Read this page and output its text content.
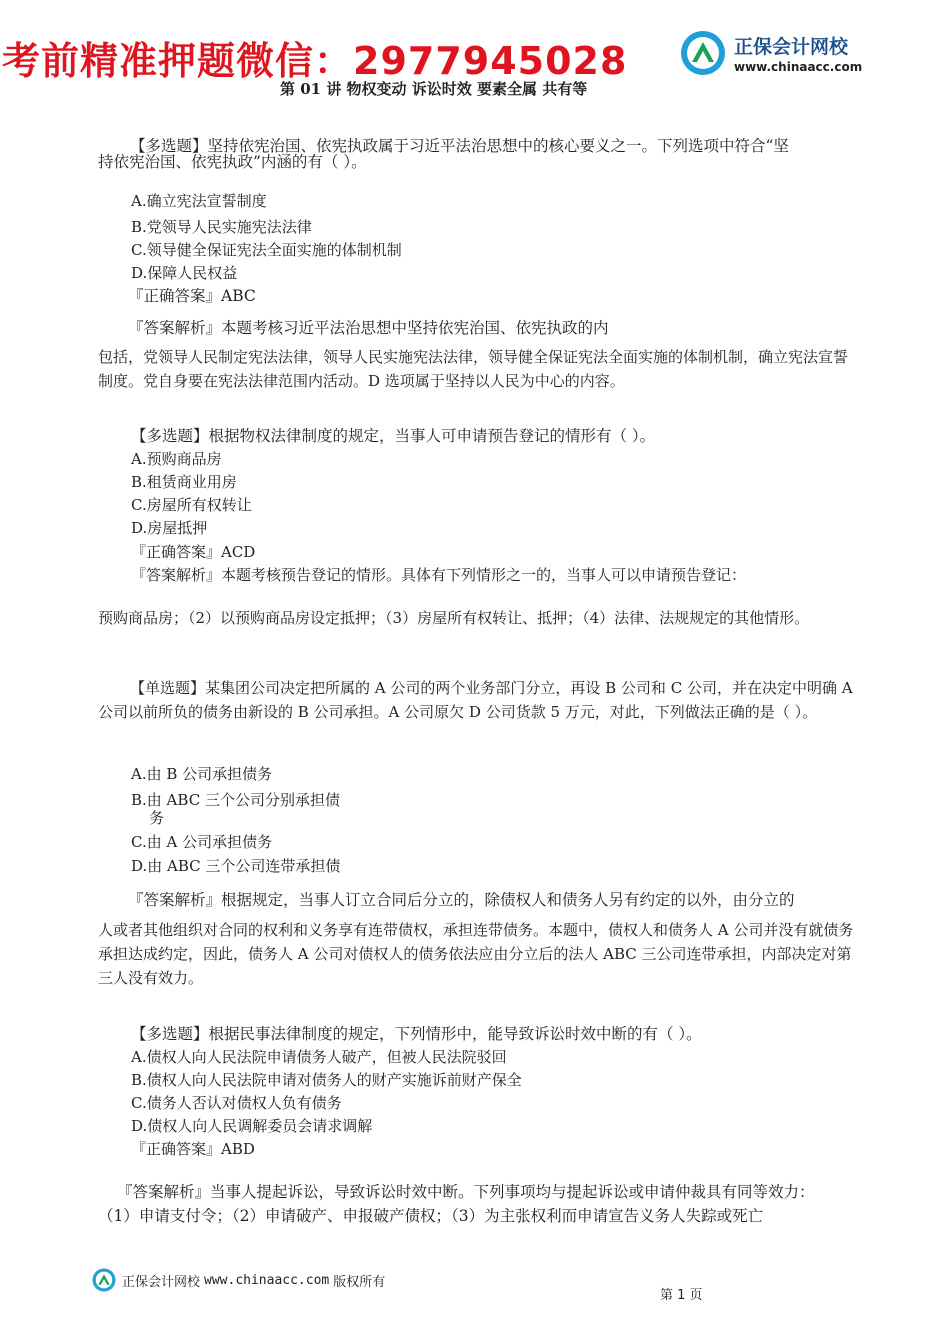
考前精准押题微信：2977945028	正保会计网校
www.chinaacc.com
第 01 讲 物权变动 诉讼时效 要素全属 共有等
【多选题】坚持依宪治国、依宪执政属于习近平法治思想中的核心要义之一。下列选项中符合“坚
持依宪治国、依宪执政”内涵的有（ ）。
A.确立宪法宣誓制度
B.党领导人民实施宪法法律
C.领导健全保证宪法全面实施的体制机制
D.保障人民权益
『正确答案』ABC
『答案解析』本题考核习近平法治思想中坚持依宪治国、依宪执政的内
包括，党领导人民制定宪法法律，领导人民实施宪法法律，领导健全保证宪法全面实施的体制机制，确立宪法宣誓制度。党自身要在宪法法律范围内活动。D 选项属于坚持以人民为中心的内容。
【多选题】根据物权法律制度的规定，当事人可申请预告登记的情形有（ ）。
A.预购商品房
B.租赁商业用房
C.房屋所有权转让
D.房屋抵押
『正确答案』ACD
『答案解析』本题考核预告登记的情形。具体有下列情形之一的，当事人可以申请预告登记：
预购商品房；（2）以预购商品房设定抵押；（3）房屋所有权转让、抵押；（4）法律、法规规定的其他情形。
【单选题】某集团公司决定把所属的 A 公司的两个业务部门分立，再设 B 公司和 C 公司，并在决定中明确 A 公司以前所负的债务由新设的 B 公司承担。A 公司原欠 D 公司货款 5 万元，对此，下列做法正确的是（ ）。
A.由 B 公司承担债务
B.由 ABC 三个公司分别承担债
务
C.由 A 公司承担债务
D.由 ABC 三个公司连带承担债
『答案解析』根据规定，当事人订立合同后分立的，除债权人和债务人另有约定的以外，由分立的
人或者其他组织对合同的权利和义务享有连带债权，承担连带债务。本题中，债权人和债务人 A 公司并没有就债务承担达成约定，因此，债务人 A 公司对债权人的债务依法应由分立后的法人 ABC 三公司连带承担，内部决定对第三人没有效力。
【多选题】根据民事法律制度的规定，下列情形中，能导致诉讼时效中断的有（ ）。
A.债权人向人民法院申请债务人破产，但被人民法院驳回
B.债权人向人民法院申请对债务人的财产实施诉前财产保全
C.债务人否认对债权人负有债务
D.债权人向人民调解委员会请求调解
『正确答案』ABD
『答案解析』当事人提起诉讼，导致诉讼时效中断。下列事项均与提起诉讼或申请仲裁具有同等效力：
（1）申请支付令；（2）申请破产、申报破产债权；（3）为主张权利而申请宣告义务人失踪或死亡
正保会计网校 www.chinaacc.com 版权所有
第 1 页
